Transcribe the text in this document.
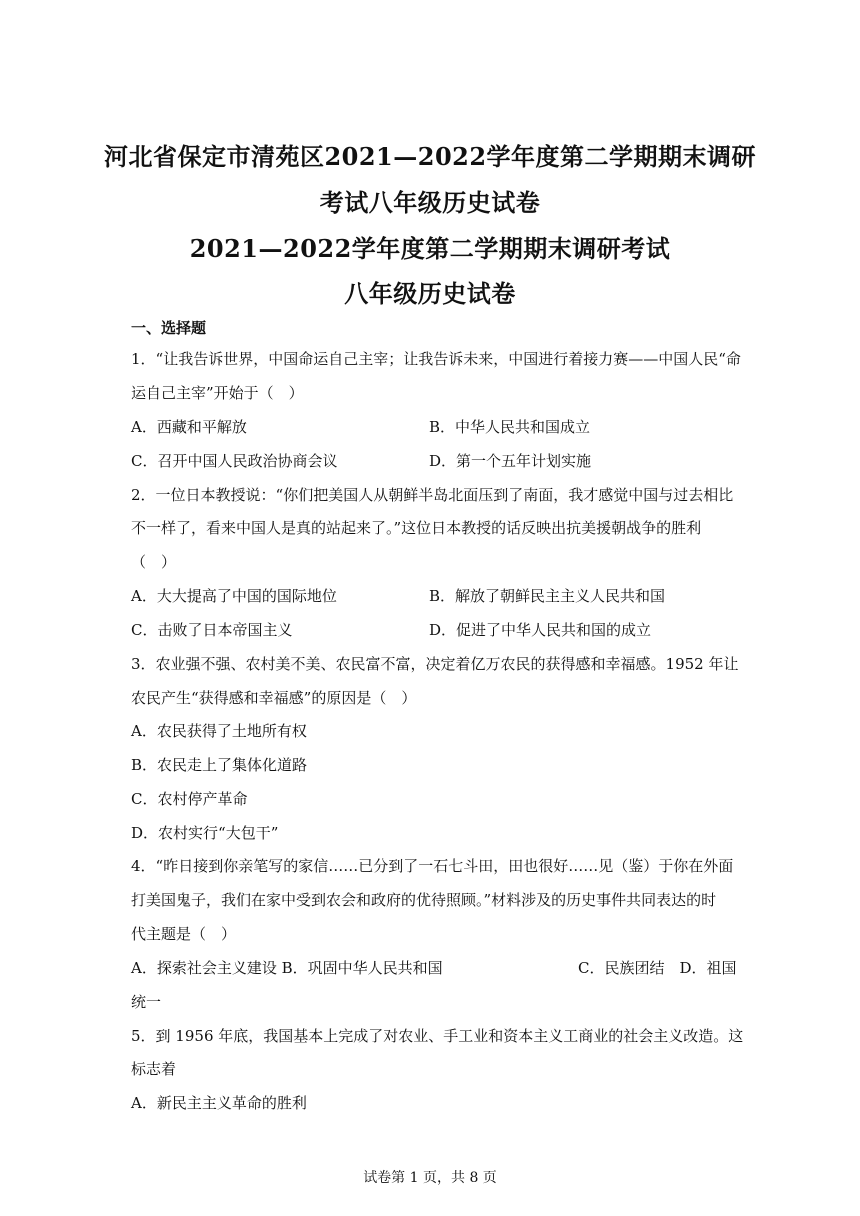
河北省保定市清苑区2021—2022学年度第二学期期末调研
考试八年级历史试卷
2021—2022学年度第二学期期末调研考试
八年级历史试卷
一、选择题
1．“让我告诉世界，中国命运自己主宰；让我告诉未来，中国进行着接力赛——中国人民“命
运自己主宰”开始于（　）
A．西藏和平解放	B．中华人民共和国成立
C．召开中国人民政治协商会议	D．第一个五年计划实施
2．一位日本教授说：“你们把美国人从朝鲜半岛北面压到了南面，我才感觉中国与过去相比
不一样了，看来中国人是真的站起来了。”这位日本教授的话反映出抗美援朝战争的胜利
（　）
A．大大提高了中国的国际地位	B．解放了朝鲜民主主义人民共和国
C．击败了日本帝国主义	D．促进了中华人民共和国的成立
3．农业强不强、农村美不美、农民富不富，决定着亿万农民的获得感和幸福感。1952 年让
农民产生“获得感和幸福感”的原因是（　）
A．农民获得了土地所有权
B．农民走上了集体化道路
C．农村停产革命
D．农村实行“大包干”
4．“昨日接到你亲笔写的家信……已分到了一石七斗田，田也很好……见（鉴）于你在外面
打美国鬼子，我们在家中受到农会和政府的优待照顾。”材料涉及的历史事件共同表达的时
代主题是（　）
A．探索社会主义建设 B．巩固中华人民共和国	C．民族团结　D．祖国
统一
5．到 1956 年底，我国基本上完成了对农业、手工业和资本主义工商业的社会主义改造。这
标志着
A．新民主主义革命的胜利
试卷第 1 页，共 8 页
